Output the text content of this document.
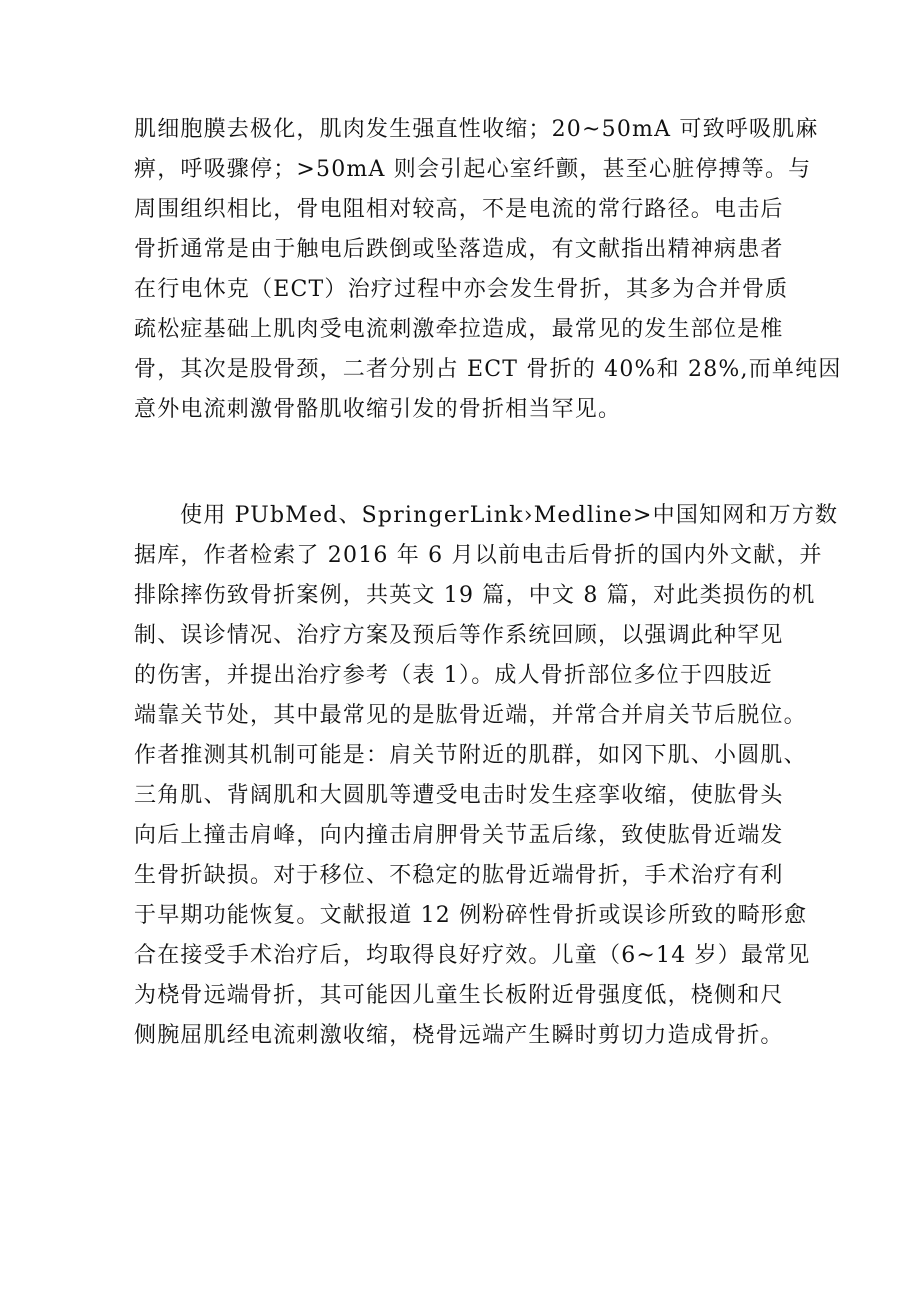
肌细胞膜去极化，肌肉发生强直性收缩；20~50mA 可致呼吸肌麻
痹，呼吸骤停；>50mA 则会引起心室纤颤，甚至心脏停搏等。与
周围组织相比，骨电阻相对较高，不是电流的常行路径。电击后
骨折通常是由于触电后跌倒或坠落造成，有文献指出精神病患者
在行电休克（ECT）治疗过程中亦会发生骨折，其多为合并骨质
疏松症基础上肌肉受电流刺激牵拉造成，最常见的发生部位是椎
骨，其次是股骨颈，二者分别占 ECT 骨折的 40%和 28%,而单纯因
意外电流刺激骨骼肌收缩引发的骨折相当罕见。
使用 PUbMed、SpringerLink›Medline>中国知网和万方数
据库，作者检索了 2016 年 6 月以前电击后骨折的国内外文献，并
排除摔伤致骨折案例，共英文 19 篇，中文 8 篇，对此类损伤的机
制、误诊情况、治疗方案及预后等作系统回顾，以强调此种罕见
的伤害，并提出治疗参考（表 1）。成人骨折部位多位于四肢近
端靠关节处，其中最常见的是肱骨近端，并常合并肩关节后脱位。
作者推测其机制可能是：肩关节附近的肌群，如冈下肌、小圆肌、
三角肌、背阔肌和大圆肌等遭受电击时发生痉挛收缩，使肱骨头
向后上撞击肩峰，向内撞击肩胛骨关节盂后缘，致使肱骨近端发
生骨折缺损。对于移位、不稳定的肱骨近端骨折，手术治疗有利
于早期功能恢复。文献报道 12 例粉碎性骨折或误诊所致的畸形愈
合在接受手术治疗后，均取得良好疗效。儿童（6~14 岁）最常见
为桡骨远端骨折，其可能因儿童生长板附近骨强度低，桡侧和尺
侧腕屈肌经电流刺激收缩，桡骨远端产生瞬时剪切力造成骨折。
